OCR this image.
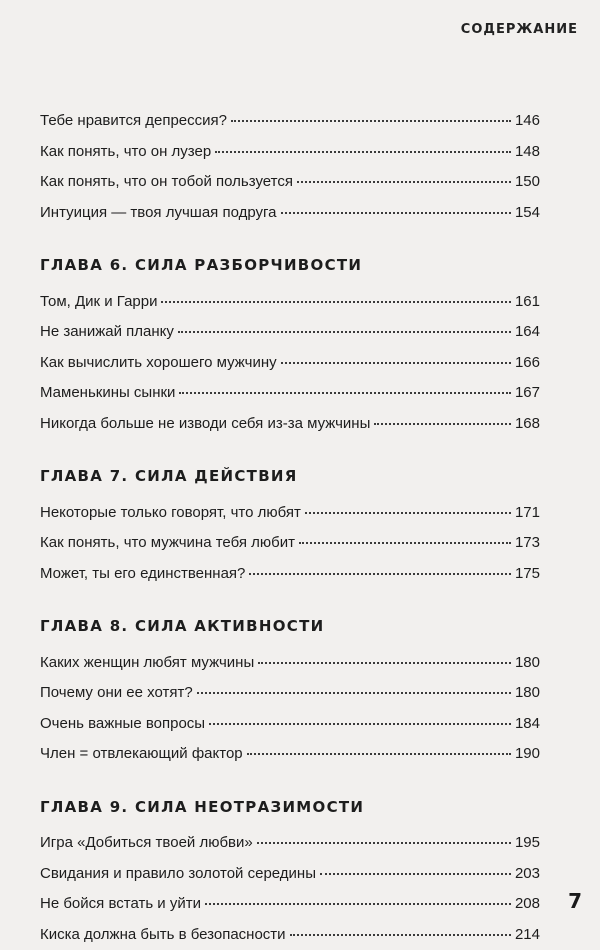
СОДЕРЖАНИЕ
Тебе нравится депрессия?	146
Как понять, что он лузер	148
Как понять, что он тобой пользуется	150
Интуиция — твоя лучшая подруга	154
ГЛАВА 6. СИЛА РАЗБОРЧИВОСТИ
Том, Дик и Гарри	161
Не занижай планку	164
Как вычислить хорошего мужчину	166
Маменькины сынки	167
Никогда больше не изводи себя из-за мужчины	168
ГЛАВА 7. СИЛА ДЕЙСТВИЯ
Некоторые только говорят, что любят	171
Как понять, что мужчина тебя любит	173
Может, ты его единственная?	175
ГЛАВА 8. СИЛА АКТИВНОСТИ
Каких женщин любят мужчины	180
Почему они ее хотят?	180
Очень важные вопросы	184
Член = отвлекающий фактор	190
ГЛАВА 9. СИЛА НЕОТРАЗИМОСТИ
Игра «Добиться твоей любви»	195
Свидания и правило золотой середины	203
Не бойся встать и уйти	208
Киска должна быть в безопасности	214
7
